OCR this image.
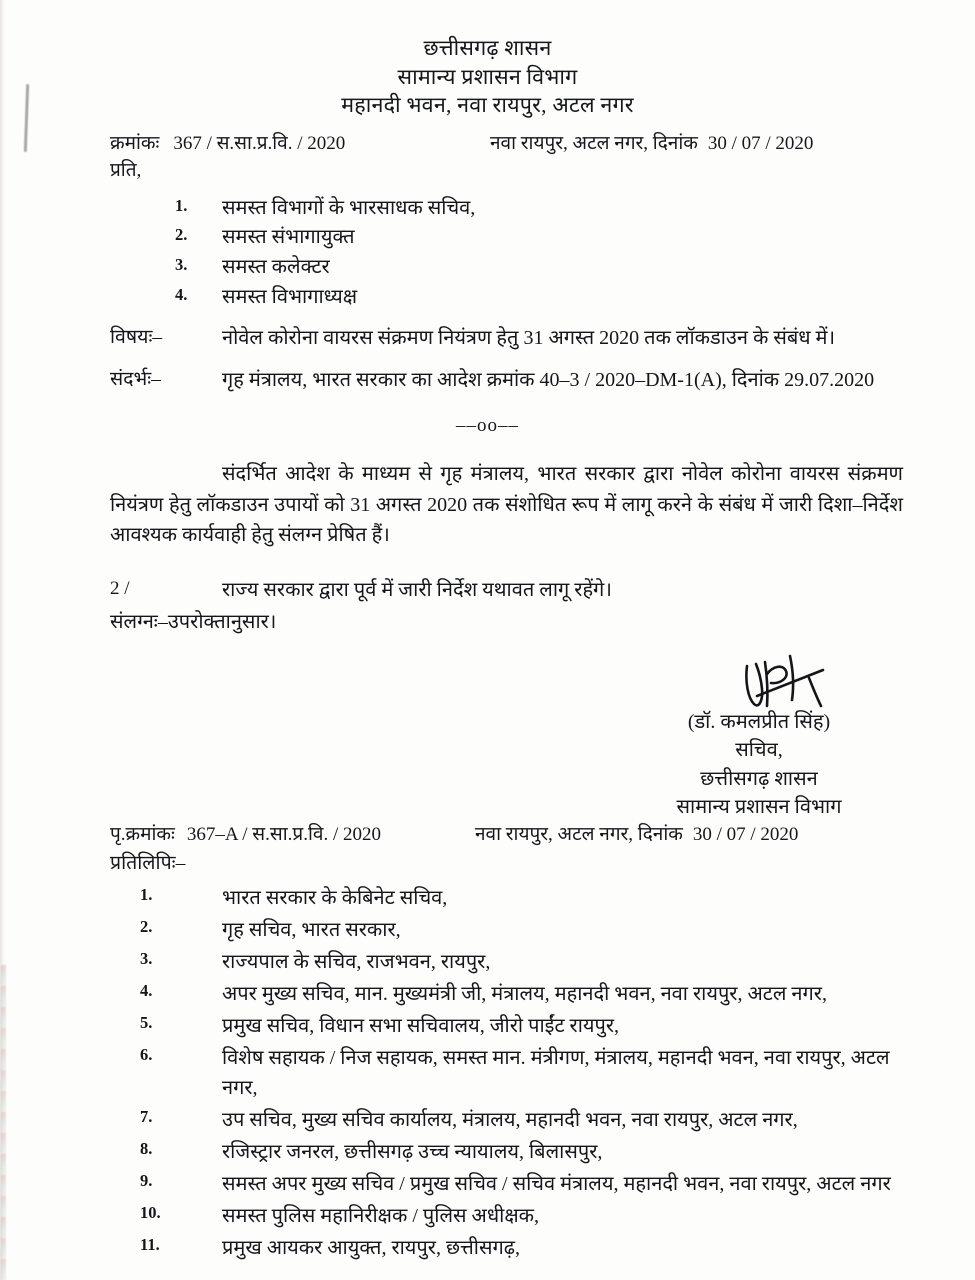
छत्तीसगढ़ शासन
सामान्य प्रशासन विभाग
महानदी भवन, नवा रायपुर, अटल नगर
क्रमांकः 367 / स.सा.प्र.वि. / 2020	नवा रायपुर, अटल नगर, दिनांक 30 / 07 / 2020
प्रति,
1. समस्त विभागों के भारसाधक सचिव,
2. समस्त संभागायुक्त
3. समस्त कलेक्टर
4. समस्त विभागाध्यक्ष
विषयः–	नोवेल कोरोना वायरस संक्रमण नियंत्रण हेतु 31 अगस्त 2020 तक लॉकडाउन के संबंध में।
संदर्भः–	गृह मंत्रालय, भारत सरकार का आदेश क्रमांक 40–3 / 2020–DM-1(A), दिनांक 29.07.2020
––oo––
संदर्भित आदेश के माध्यम से गृह मंत्रालय, भारत सरकार द्वारा नोवेल कोरोना वायरस संक्रमण नियंत्रण हेतु लॉकडाउन उपायों को 31 अगस्त 2020 तक संशोधित रूप में लागू करने के संबंध में जारी दिशा–निर्देश आवश्यक कार्यवाही हेतु संलग्न प्रेषित हैं।
2 /	राज्य सरकार द्वारा पूर्व में जारी निर्देश यथावत लागू रहेंगे।
संलग्नः–उपरोक्तानुसार।
(डॉ. कमलप्रीत सिंह)
सचिव,
छत्तीसगढ़ शासन
सामान्य प्रशासन विभाग
पृ.क्रमांकः 367–A / स.सा.प्र.वि. / 2020	नवा रायपुर, अटल नगर, दिनांक 30 / 07 / 2020
प्रतिलिपिः–
1.	भारत सरकार के केबिनेट सचिव,
2.	गृह सचिव, भारत सरकार,
3.	राज्यपाल के सचिव, राजभवन, रायपुर,
4.	अपर मुख्य सचिव, मान. मुख्यमंत्री जी, मंत्रालय, महानदी भवन, नवा रायपुर, अटल नगर,
5.	प्रमुख सचिव, विधान सभा सचिवालय, जीरो पाईंट रायपुर,
6.	विशेष सहायक / निज सहायक, समस्त मान. मंत्रीगण, मंत्रालय, महानदी भवन, नवा रायपुर, अटल नगर,
7.	उप सचिव, मुख्य सचिव कार्यालय, मंत्रालय, महानदी भवन, नवा रायपुर, अटल नगर,
8.	रजिस्ट्रार जनरल, छत्तीसगढ़ उच्च न्यायालय, बिलासपुर,
9.	समस्त अपर मुख्य सचिव / प्रमुख सचिव / सचिव मंत्रालय, महानदी भवन, नवा रायपुर, अटल नगर
10.	समस्त पुलिस महानिरीक्षक / पुलिस अधीक्षक,
11.	प्रमुख आयकर आयुक्त, रायपुर, छत्तीसगढ़,
